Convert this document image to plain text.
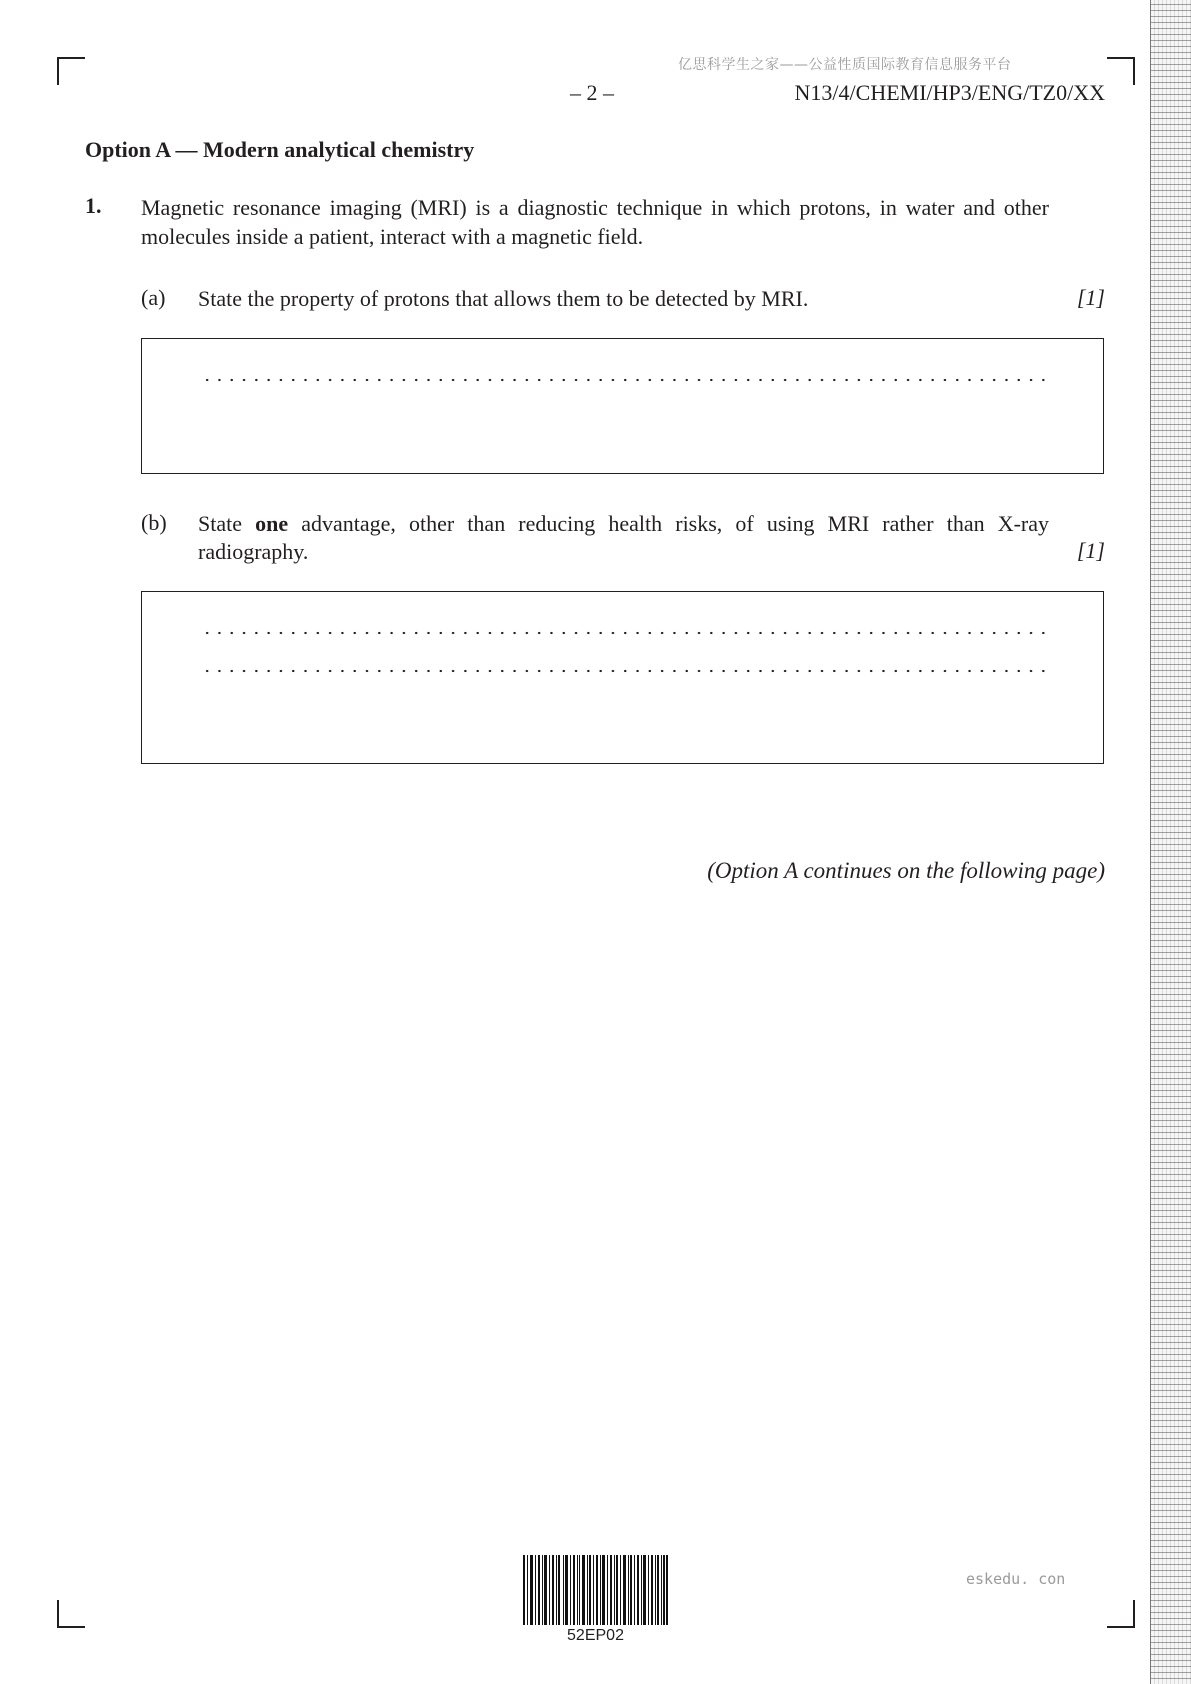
亿思科学生之家——公益性质国际教育信息服务平台
– 2 –	N13/4/CHEMI/HP3/ENG/TZ0/XX
Option A — Modern analytical chemistry
1. Magnetic resonance imaging (MRI) is a diagnostic technique in which protons, in water and other molecules inside a patient, interact with a magnetic field.
(a) State the property of protons that allows them to be detected by MRI.	[1]
(b) State one advantage, other than reducing health risks, of using MRI rather than X-ray radiography.	[1]
(Option A continues on the following page)
52EP02
eskedu. con
